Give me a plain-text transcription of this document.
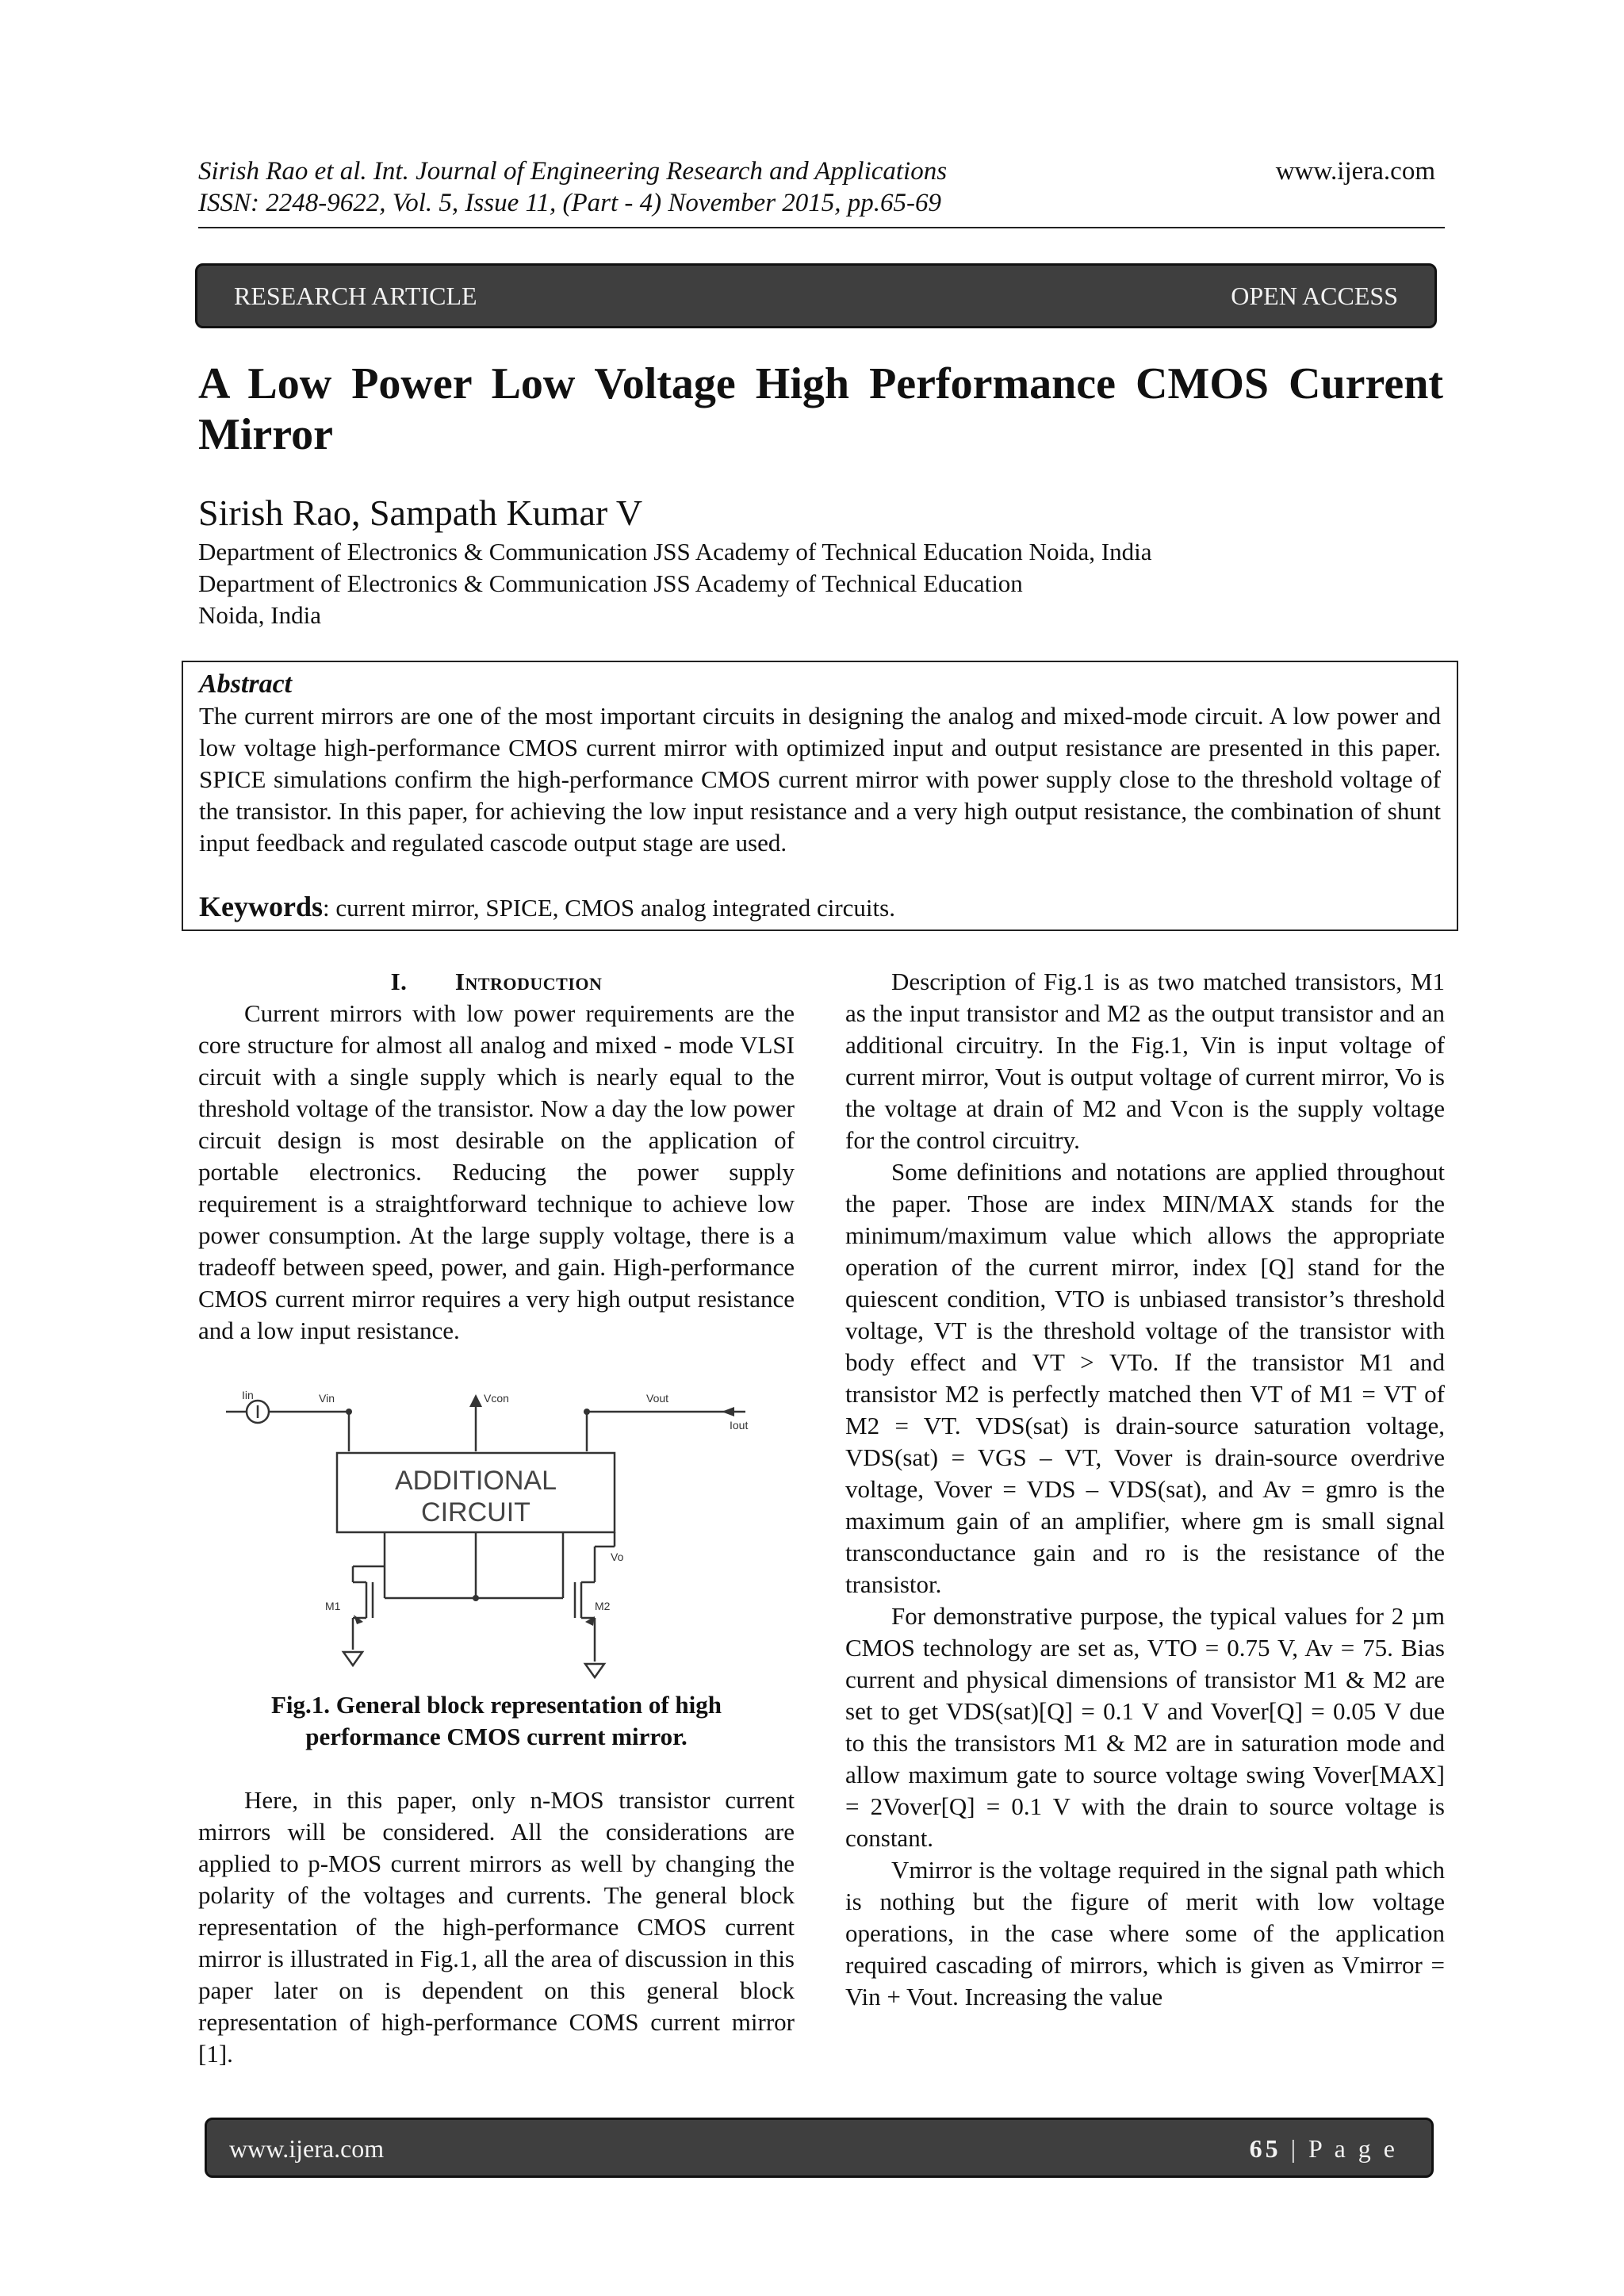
Sirish Rao et al. Int. Journal of Engineering Research and Applications
ISSN: 2248-9622, Vol. 5, Issue 11, (Part - 4) November 2015, pp.65-69
www.ijera.com
RESEARCH ARTICLE	OPEN ACCESS
A Low Power Low Voltage High Performance CMOS Current Mirror
Sirish Rao, Sampath Kumar V
Department of Electronics & Communication JSS Academy of Technical Education Noida, India
Department of Electronics & Communication JSS Academy of Technical Education
Noida, India
Abstract
The current mirrors are one of the most important circuits in designing the analog and mixed-mode circuit. A low power and low voltage high-performance CMOS current mirror with optimized input and output resistance are presented in this paper. SPICE simulations confirm the high-performance CMOS current mirror with power supply close to the threshold voltage of the transistor. In this paper, for achieving the low input resistance and a very high output resistance, the combination of shunt input feedback and regulated cascode output stage are used.
Keywords: current mirror, SPICE, CMOS analog integrated circuits.
I. Introduction

Current mirrors with low power requirements are the core structure for almost all analog and mixed - mode VLSI circuit with a single supply which is nearly equal to the threshold voltage of the transistor. Now a day the low power circuit design is most desirable on the application of portable electronics. Reducing the power supply requirement is a straightforward technique to achieve low power consumption. At the large supply voltage, there is a tradeoff between speed, power, and gain. High-performance CMOS current mirror requires a very high output resistance and a low input resistance.

Iin	Vin	Vcon	Vout
Iout
Vo
M1	M2
ADDITIONAL
CIRCUIT
Fig.1. General block representation of high
performance CMOS current mirror.

Here, in this paper, only n-MOS transistor current mirrors will be considered. All the considerations are applied to p-MOS current mirrors as well by changing the polarity of the voltages and currents. The general block representation of the high-performance CMOS current mirror is illustrated in Fig.1, all the area of discussion in this paper later on is dependent on this general block representation of high-performance COMS current mirror [1].

Description of Fig.1 is as two matched transistors, M1 as the input transistor and M2 as the output transistor and an additional circuitry. In the Fig.1, Vin is input voltage of current mirror, Vout is output voltage of current mirror, Vo is the voltage at drain of M2 and Vcon is the supply voltage for the control circuitry.

Some definitions and notations are applied throughout the paper. Those are index MIN/MAX stands for the minimum/maximum value which allows the appropriate operation of the current mirror, index [Q] stand for the quiescent condition, VTO is unbiased transistor’s threshold voltage, VT is the threshold voltage of the transistor with body effect and VT > VTo. If the transistor M1 and transistor M2 is perfectly matched then VT of M1 = VT of M2 = VT. VDS(sat) is drain-source saturation voltage, VDS(sat) = VGS – VT, Vover is drain-source overdrive voltage, Vover = VDS – VDS(sat), and Av = gmro is the maximum gain of an amplifier, where gm is small signal transconductance gain and ro is the resistance of the transistor.

For demonstrative purpose, the typical values for 2 µm CMOS technology are set as, VTO = 0.75 V, Av = 75. Bias current and physical dimensions of transistor M1 & M2 are set to get VDS(sat)[Q] = 0.1 V and Vover[Q] = 0.05 V due to this the transistors M1 & M2 are in saturation mode and allow maximum gate to source voltage swing Vover[MAX] = 2Vover[Q] = 0.1 V with the drain to source voltage is constant.

Vmirror is the voltage required in the signal path which is nothing but the figure of merit with low voltage operations, in the case where some of the application required cascading of mirrors, which is given as Vmirror = Vin + Vout. Increasing the value

www.ijera.com	65 | P a g e
